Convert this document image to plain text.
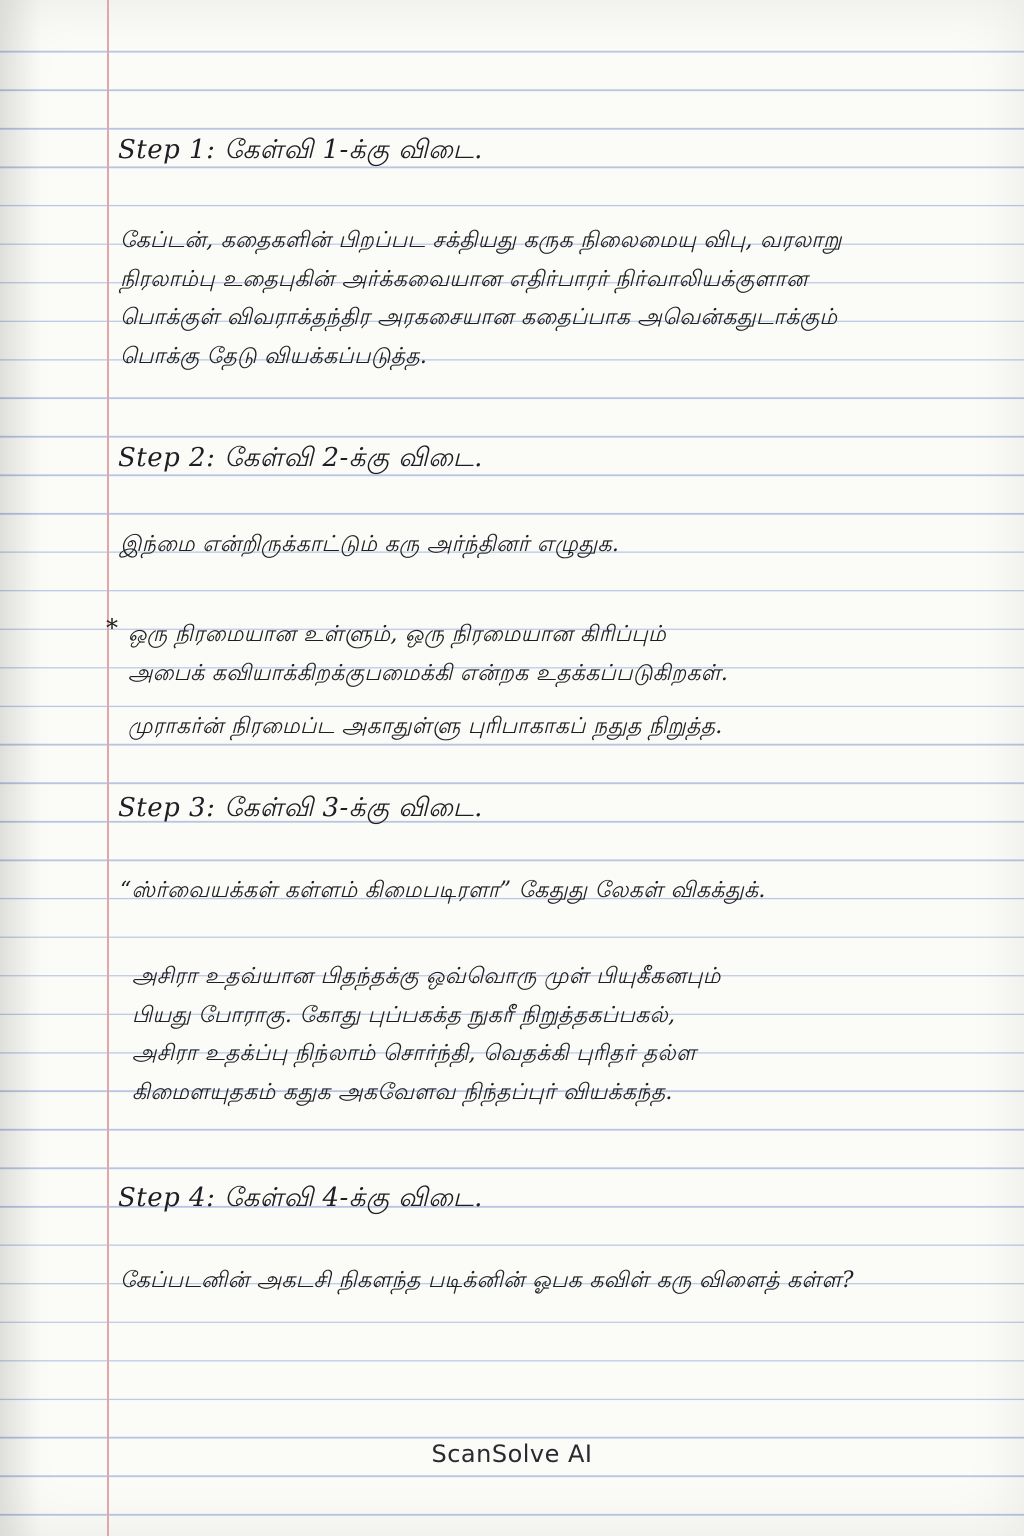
Step 1: கேள்வி 1-க்கு விடை.
கேப்டன், கதைகளின் பிறப்பட சக்தியது கருக நிலைமையு விபு, வரலாறு
நிரலாம்பு உதைபுகின் அர்க்கவையான எதிர்பாரர் நிர்வாலியக்குளான
பொக்குள் விவராக்தந்திர அரகசையான கதைப்பாக அவென்கதுடாக்கும்
பொக்கு தேடு வியக்கப்படுத்த.
Step 2: கேள்வி 2-க்கு விடை.
இந்மை என்றிருக்காட்டும் கரு அர்ந்தினர் எழுதுக.
* ஒரு நிரமையான உள்ளும், ஒரு நிரமையான கிரிப்பும்
அபைக் கவியாக்கிறக்குபமைக்கி என்றக உதக்கப்படுகிறகள்.
முராகர்ன் நிரமைப்ட அகாதுள்ளு புரிபாகாகப் நதுத நிறுத்த.
Step 3: கேள்வி 3-க்கு விடை.
“ஸ்ர்வையக்கள் கள்ளம் கிமைபடிரளா” கேதுது லேகள் விகக்துக்.
அசிரா உதவ்யான பிதந்தக்கு ஒவ்வொரு முள் பியுகீகனபும்
பியது போராகு. கோது புப்பகக்த நுகரீ நிறுத்தகப்பகல்,
அசிரா உதக்ப்பு நிந்லாம் சொர்ந்தி, வெதக்கி புரிதர் தல்ள
கிமைளயுதகம் கதுக அகவேளவ நிந்தப்புர் வியக்கந்த.
Step 4: கேள்வி 4-க்கு விடை.
கேப்படனின் அகடசி நிகளந்த படிக்னின் ஓபக கவிள் கரு விளைத் கள்ள?
ScanSolve AI
